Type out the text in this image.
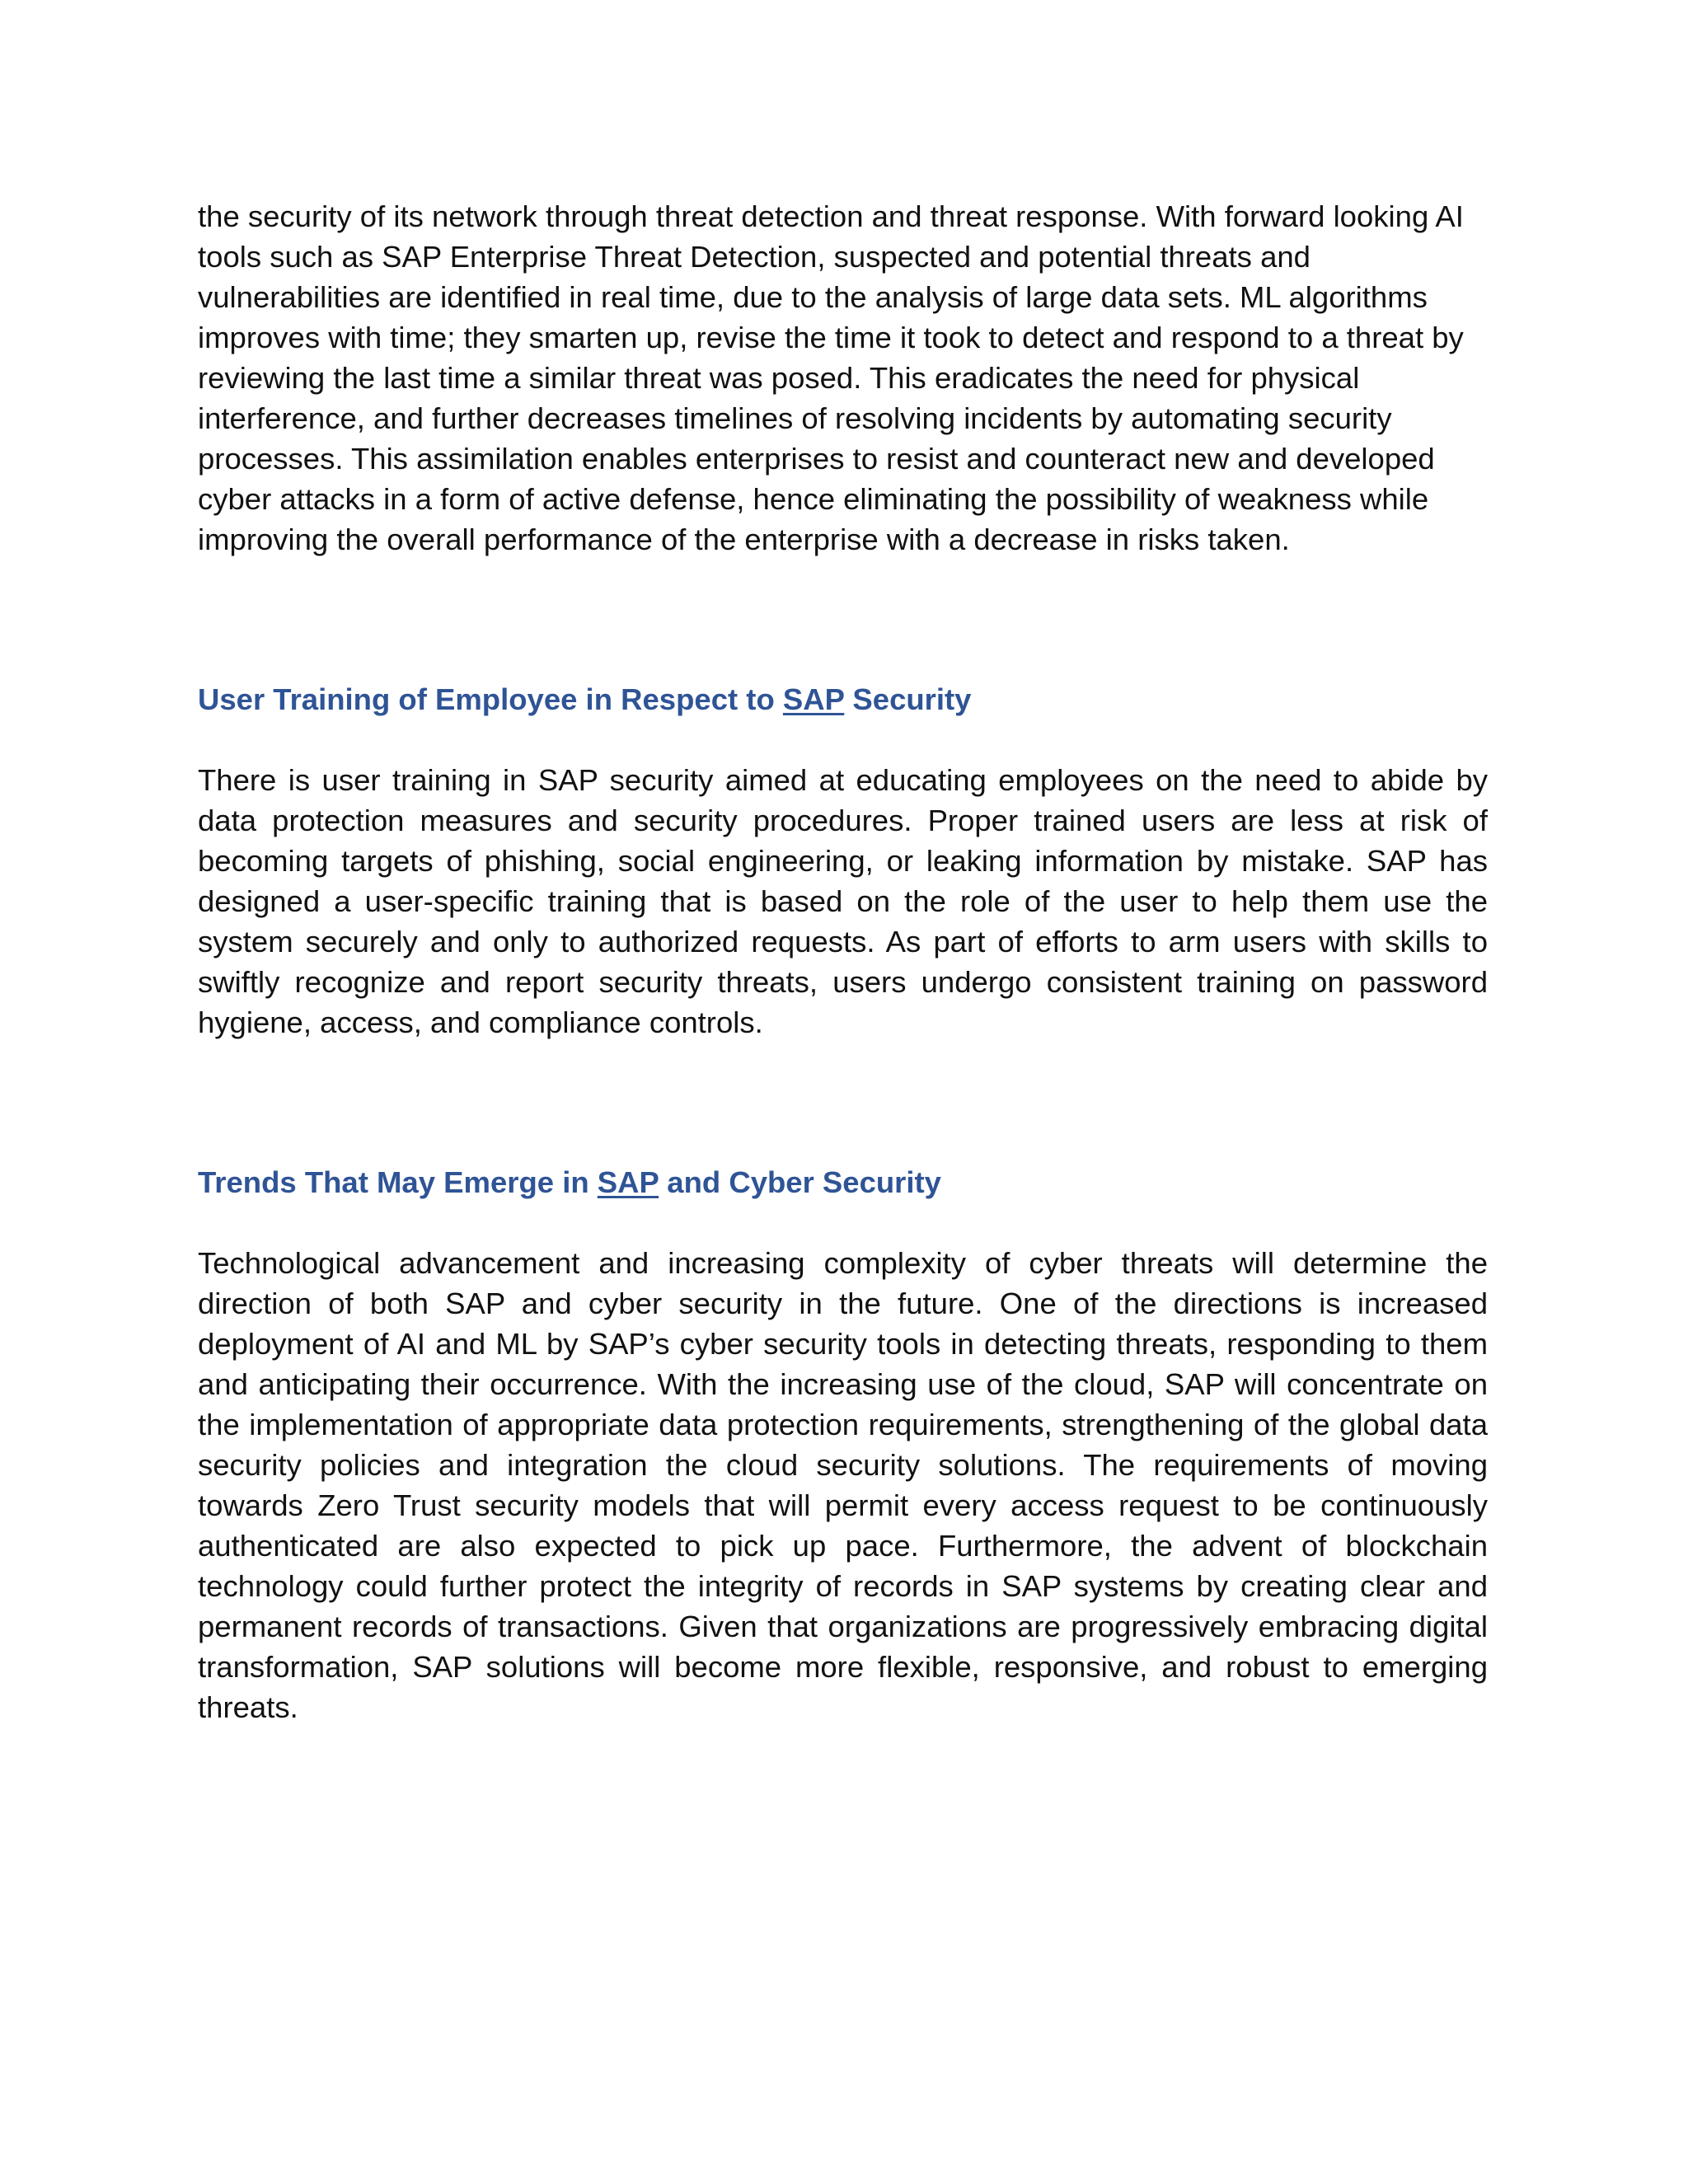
the security of its network through threat detection and threat response. With forward looking AI tools such as SAP Enterprise Threat Detection, suspected and potential threats and vulnerabilities are identified in real time, due to the analysis of large data sets. ML algorithms improves with time; they smarten up, revise the time it took to detect and respond to a threat by reviewing the last time a similar threat was posed. This eradicates the need for physical interference, and further decreases timelines of resolving incidents by automating security processes. This assimilation enables enterprises to resist and counteract new and developed cyber attacks in a form of active defense, hence eliminating the possibility of weakness while improving the overall performance of the enterprise with a decrease in risks taken.

User Training of Employee in Respect to SAP Security

There is user training in SAP security aimed at educating employees on the need to abide by data protection measures and security procedures. Proper trained users are less at risk of becoming targets of phishing, social engineering, or leaking information by mistake. SAP has designed a user-specific training that is based on the role of the user to help them use the system securely and only to authorized requests. As part of efforts to arm users with skills to swiftly recognize and report security threats, users undergo consistent training on password hygiene, access, and compliance controls.

Trends That May Emerge in SAP and Cyber Security

Technological advancement and increasing complexity of cyber threats will determine the direction of both SAP and cyber security in the future. One of the directions is increased deployment of AI and ML by SAP’s cyber security tools in detecting threats, responding to them and anticipating their occurrence. With the increasing use of the cloud, SAP will concentrate on the implementation of appropriate data protection requirements, strengthening of the global data security policies and integration the cloud security solutions. The requirements of moving towards Zero Trust security models that will permit every access request to be continuously authenticated are also expected to pick up pace. Furthermore, the advent of blockchain technology could further protect the integrity of records in SAP systems by creating clear and permanent records of transactions. Given that organizations are progressively embracing digital transformation, SAP solutions will become more flexible, responsive, and robust to emerging threats.
